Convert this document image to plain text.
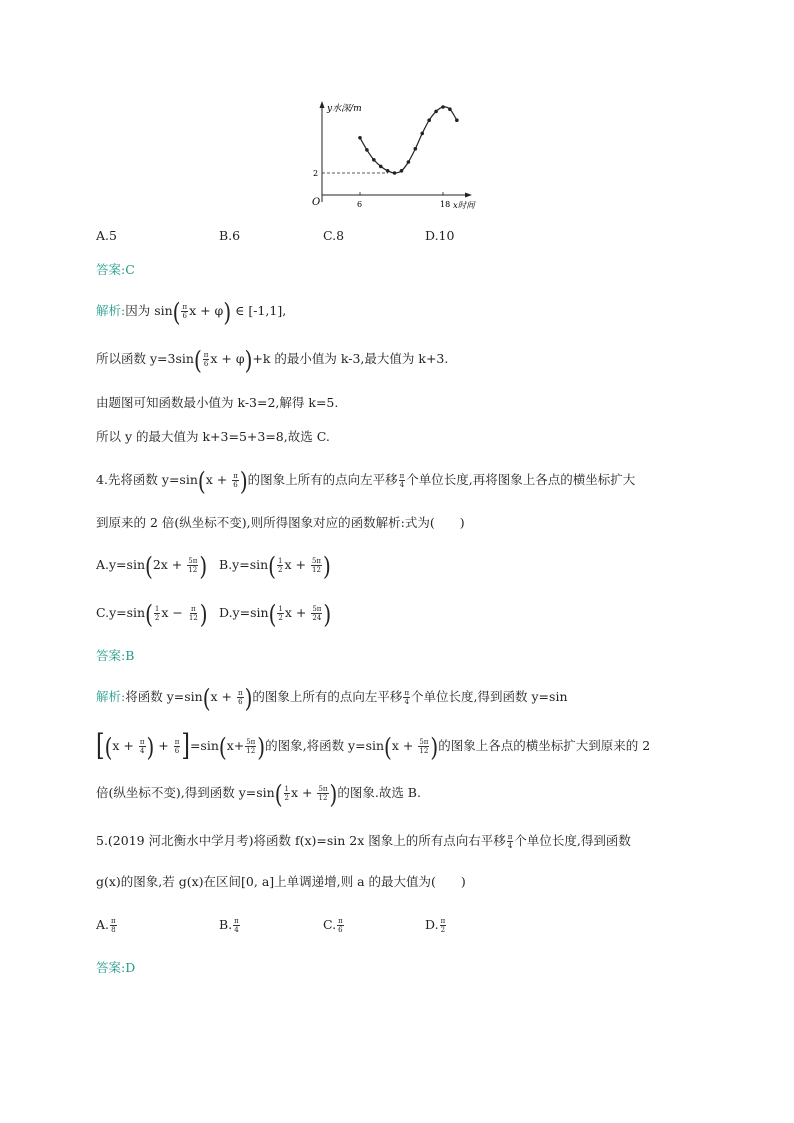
y水深/m
x时间
O	6	18
2
A.5	B.6	C.8	D.10
答案:C
解析:因为 $\sin( \frac{\pi}{6}$ x + φ) ∈ [-1,1],
所以函数 $y=3\sin( \frac{\pi}{6}$ x + φ)+k 的最小值为 k-3,最大值为 k+3.
由题图可知函数最小值为 k-3=2,解得 k=5.
所以 y 的最大值为 k+3=5+3=8,故选 C.
4.先将函数 $y=\sin(x + \frac{\pi}{6}$ )的图象上所有的点向左平移 $\frac{\pi}{4}$ 个单位长度,再将图象上各点的横坐标扩大
到原来的 2 倍(纵坐标不变),则所得图象对应的函数解析:式为(　　)
$A.y=\sin(2x + \frac{5\pi}{12}$ ) $B.y=\sin( \frac{1}{2}$ $x + \frac{5\pi}{12}$ )
$C.y=\sin( \frac{1}{2}$ $x - \frac{\pi}{12}$ ) $D.y=\sin( \frac{1}{2}$ $x + \frac{5\pi}{24}$ )
答案:B
解析:将函数 $y=\sin(x + \frac{\pi}{6}$ )的图象上所有的点向左平移 $\frac{\pi}{4}$ 个单位长度,得到函数 y=sin
[($x + \frac{\pi}{4}$ ) + $\frac{\pi}{6} ]=\sin(x+ \frac{5\pi}{12}$ )的图象,将函数 $y=\sin(x + \frac{5\pi}{12}$ )的图象上各点的横坐标扩大到原来的 2
倍(纵坐标不变),得到函数 $y=\sin( \frac{1}{2}$ $x + \frac{5\pi}{12}$ )的图象.故选 B.
5.(2019 河北衡水中学月考)将函数 f(x)=sin 2x 图象上的所有点向右平移 $\frac{\pi}{4}$ 个单位长度,得到函数
g(x)的图象,若 g(x)在区间[0, a]上单调递增,则 a 的最大值为(　　)
A. $\frac{\pi}{8}$	B. $\frac{\pi}{4}$	C. $\frac{\pi}{6}$	D. $\frac{\pi}{2}$
答案:D
